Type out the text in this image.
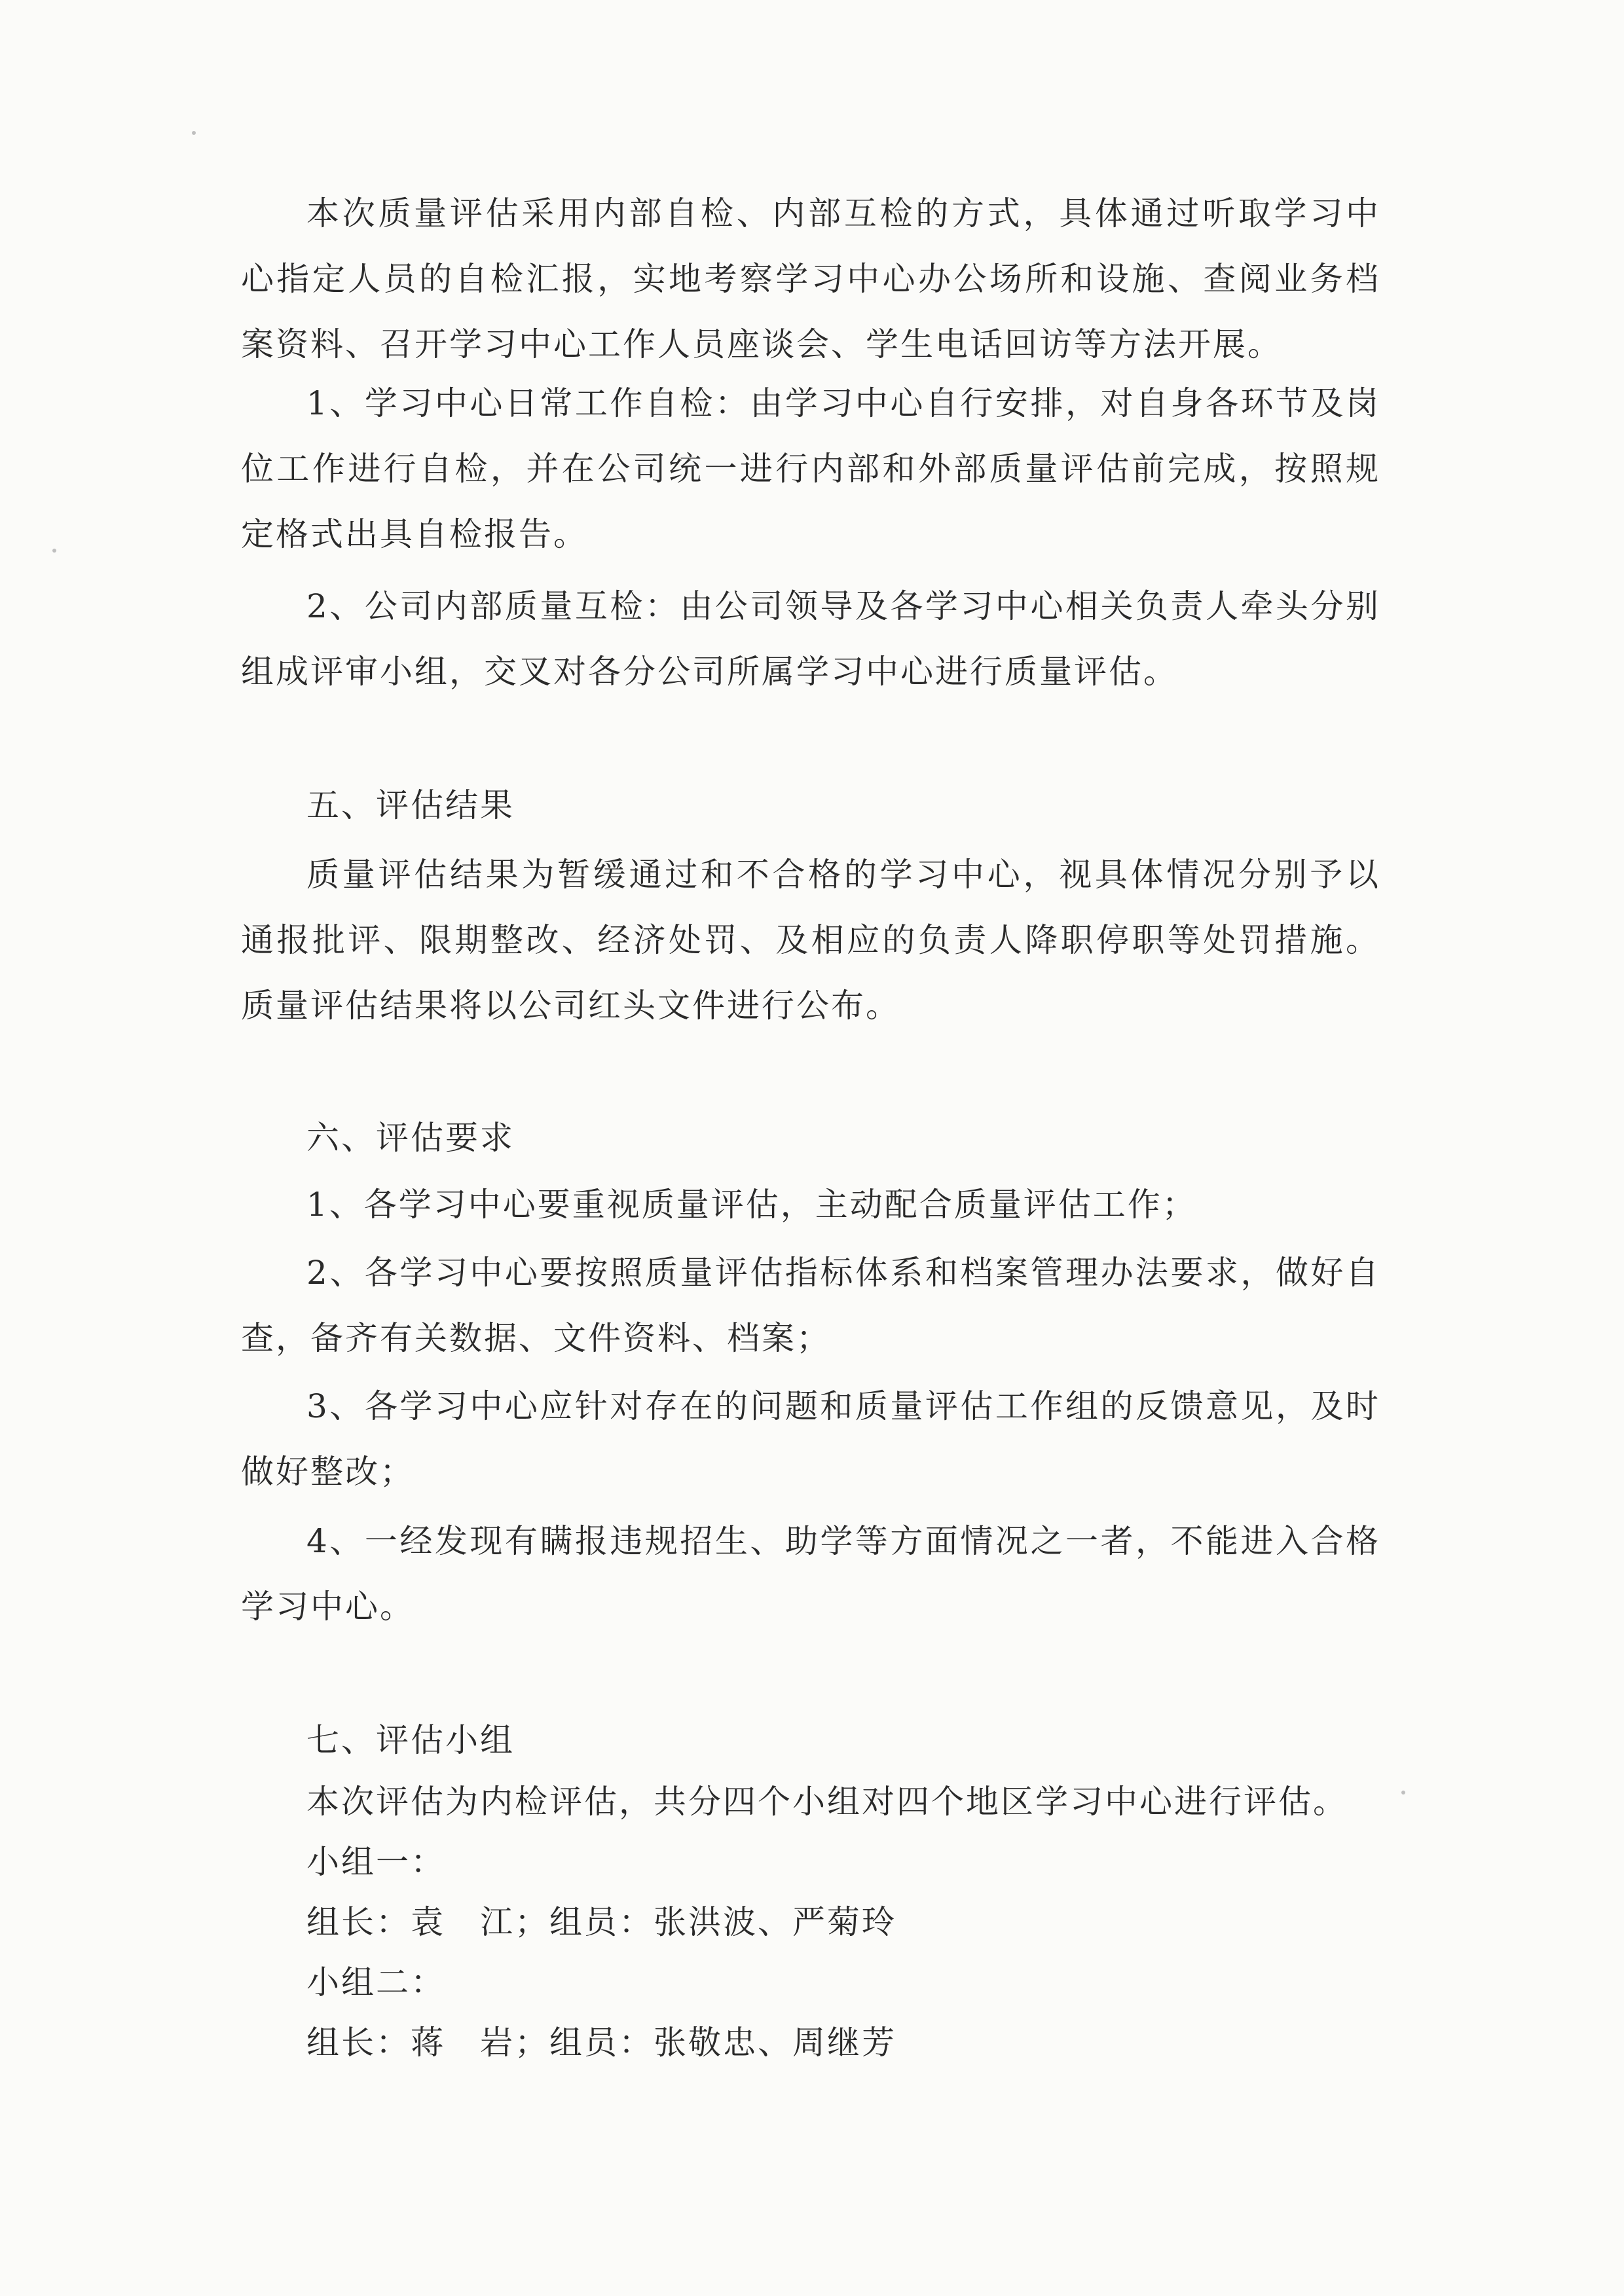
本次质量评估采用内部自检、内部互检的方式，具体通过听取学习中心指定人员的自检汇报，实地考察学习中心办公场所和设施、查阅业务档案资料、召开学习中心工作人员座谈会、学生电话回访等方法开展。

1、学习中心日常工作自检：由学习中心自行安排，对自身各环节及岗位工作进行自检，并在公司统一进行内部和外部质量评估前完成，按照规定格式出具自检报告。

2、公司内部质量互检：由公司领导及各学习中心相关负责人牵头分别组成评审小组，交叉对各分公司所属学习中心进行质量评估。

五、评估结果

质量评估结果为暂缓通过和不合格的学习中心，视具体情况分别予以通报批评、限期整改、经济处罚、及相应的负责人降职停职等处罚措施。质量评估结果将以公司红头文件进行公布。

六、评估要求

1、各学习中心要重视质量评估，主动配合质量评估工作；

2、各学习中心要按照质量评估指标体系和档案管理办法要求，做好自查，备齐有关数据、文件资料、档案；

3、各学习中心应针对存在的问题和质量评估工作组的反馈意见，及时做好整改；

4、一经发现有瞒报违规招生、助学等方面情况之一者，不能进入合格学习中心。

七、评估小组

本次评估为内检评估，共分四个小组对四个地区学习中心进行评估。

小组一：

组长：袁　江；组员：张洪波、严菊玲

小组二：

组长：蒋　岩；组员：张敬忠、周继芳
